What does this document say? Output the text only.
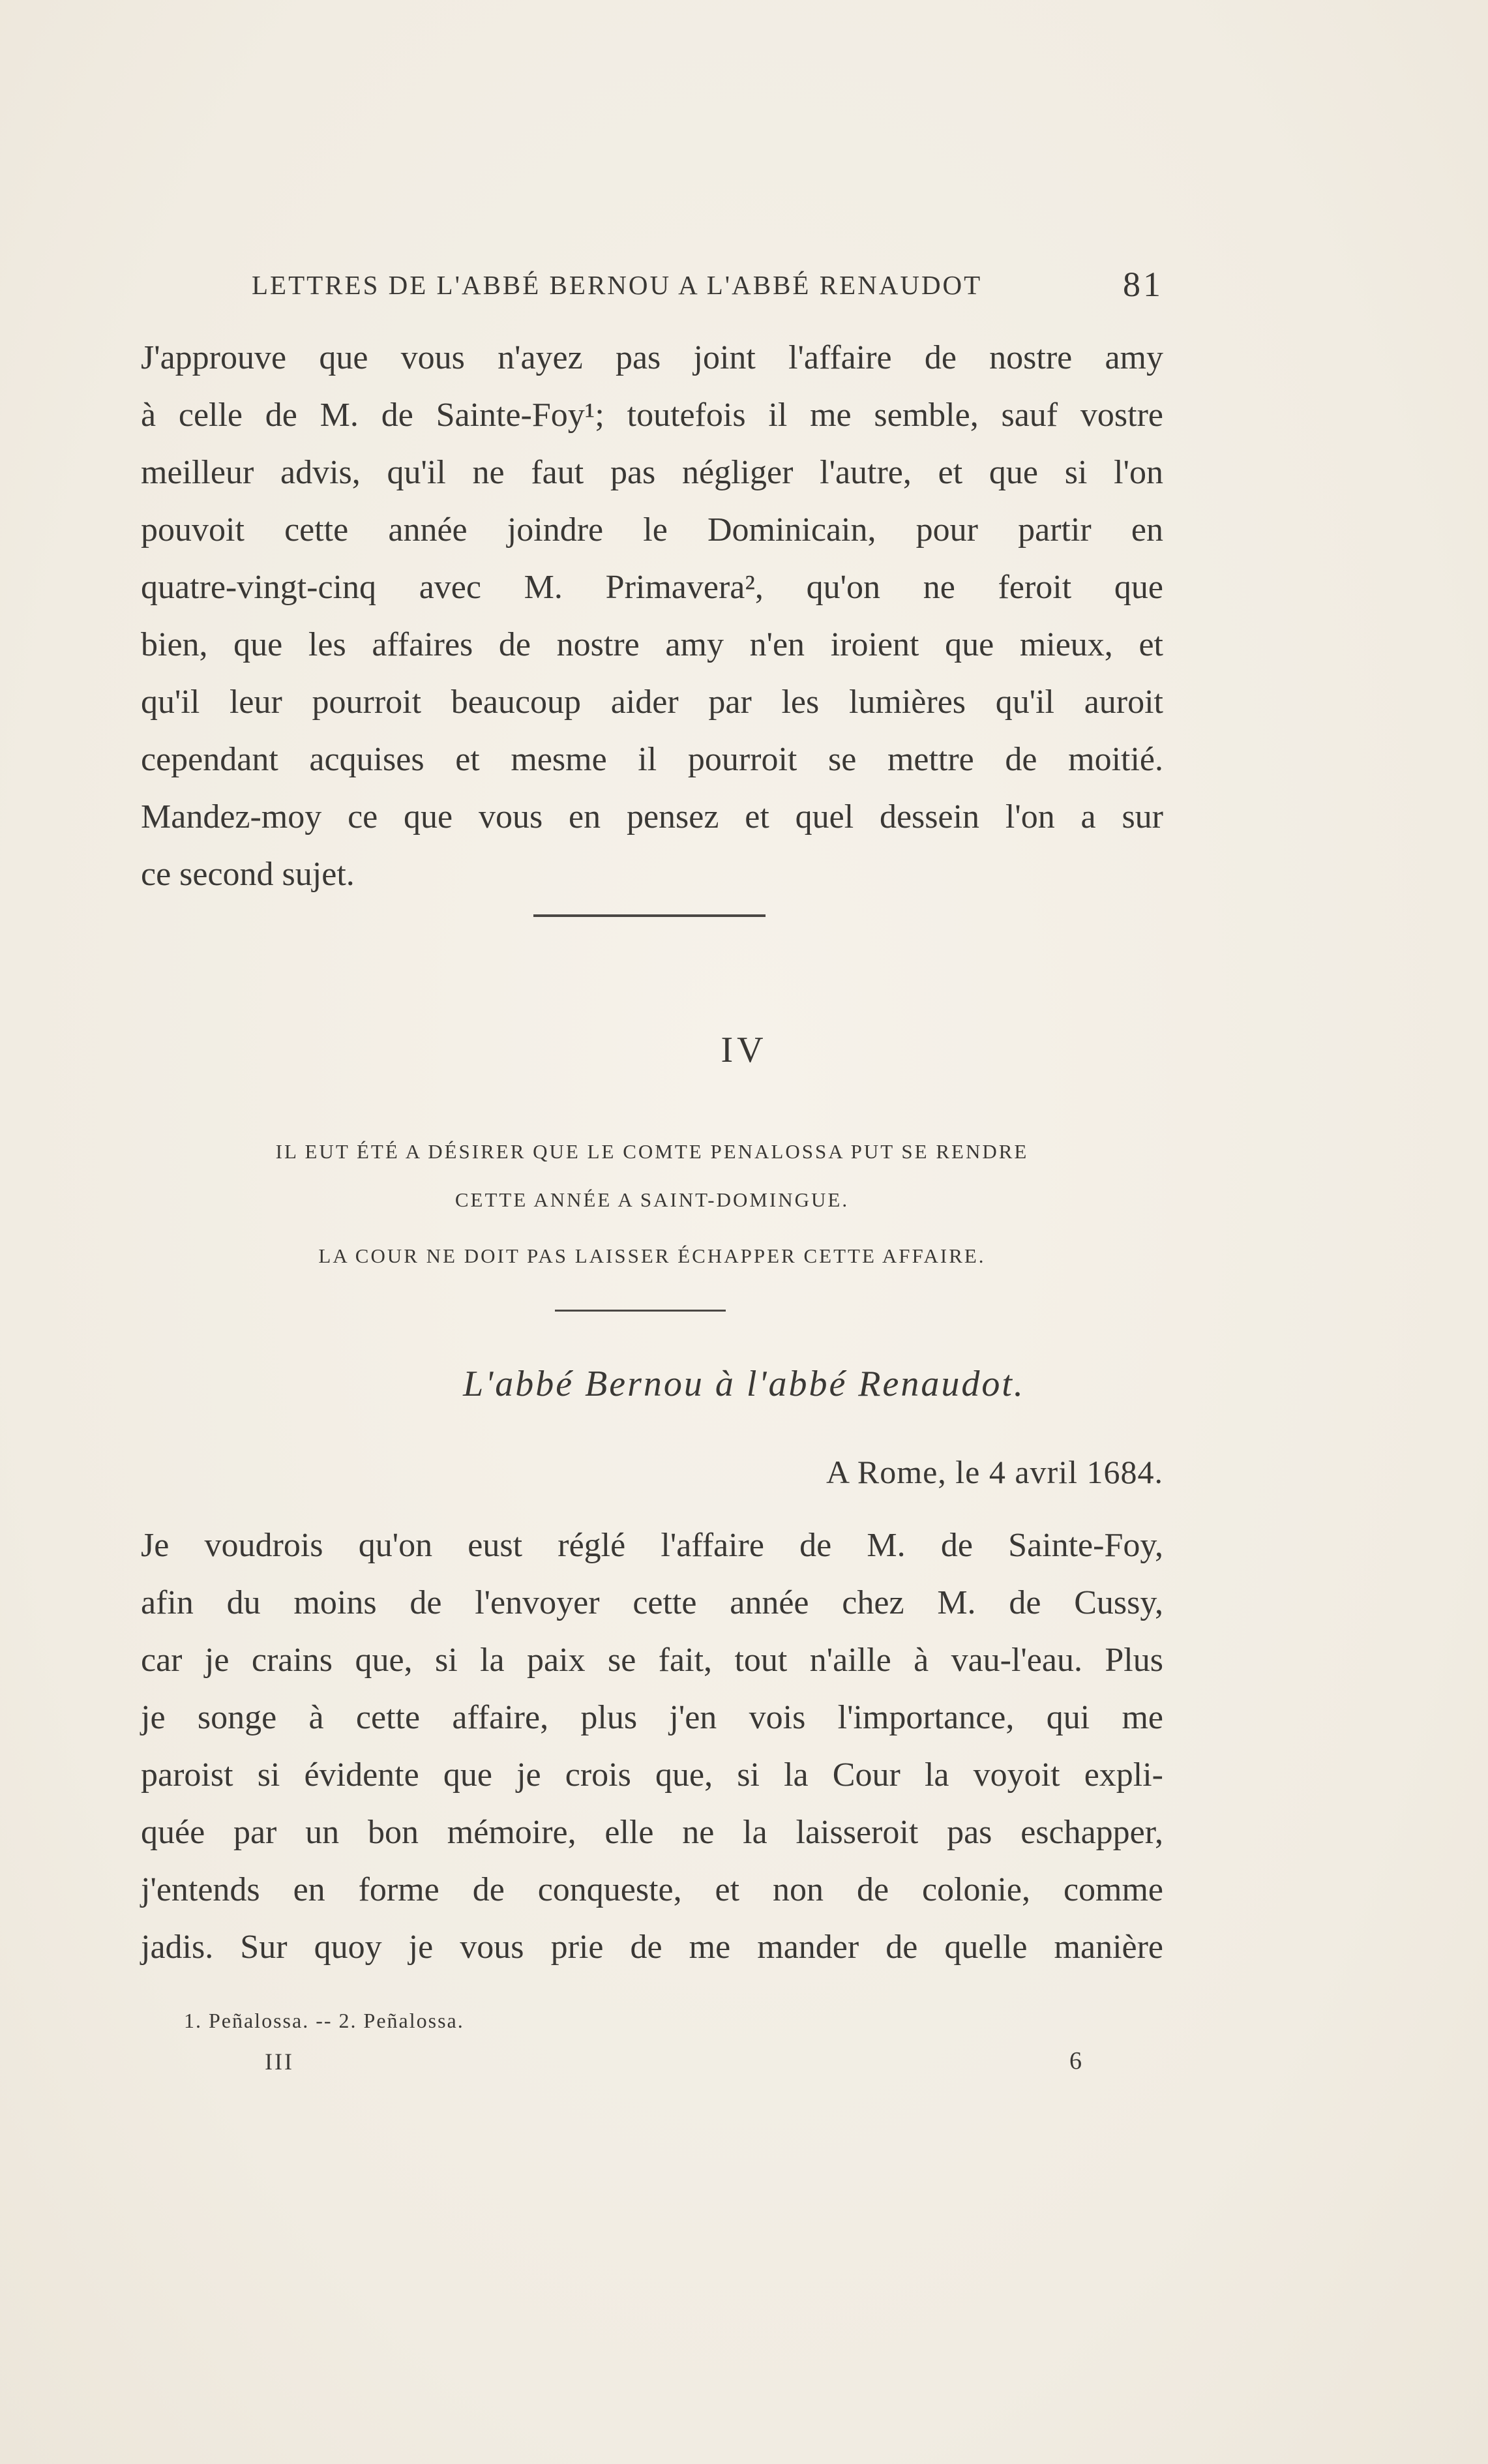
LETTRES DE L'ABBÉ BERNOU A L'ABBÉ RENAUDOT	81
J'approuve que vous n'ayez pas joint l'affaire de nostre amy
à celle de M. de Sainte-Foy¹; toutefois il me semble, sauf vostre
meilleur advis, qu'il ne faut pas négliger l'autre, et que si l'on
pouvoit cette année joindre le Dominicain, pour partir en
quatre-vingt-cinq avec M. Primavera², qu'on ne feroit que
bien, que les affaires de nostre amy n'en iroient que mieux, et
qu'il leur pourroit beaucoup aider par les lumières qu'il auroit
cependant acquises et mesme il pourroit se mettre de moitié.
Mandez-moy ce que vous en pensez et quel dessein l'on a sur
ce second sujet.
IV
IL EUT ÉTÉ A DÉSIRER QUE LE COMTE PENALOSSA PUT SE RENDRE
CETTE ANNÉE A SAINT-DOMINGUE.
LA COUR NE DOIT PAS LAISSER ÉCHAPPER CETTE AFFAIRE.
L'abbé Bernou à l'abbé Renaudot.
A Rome, le 4 avril 1684.
Je voudrois qu'on eust réglé l'affaire de M. de Sainte-Foy,
afin du moins de l'envoyer cette année chez M. de Cussy,
car je crains que, si la paix se fait, tout n'aille à vau-l'eau. Plus
je songe à cette affaire, plus j'en vois l'importance, qui me
paroist si évidente que je crois que, si la Cour la voyoit expli-
quée par un bon mémoire, elle ne la laisseroit pas eschapper,
j'entends en forme de conqueste, et non de colonie, comme
jadis. Sur quoy je vous prie de me mander de quelle manière
1. Peñalossa. -- 2. Peñalossa.
III	6
